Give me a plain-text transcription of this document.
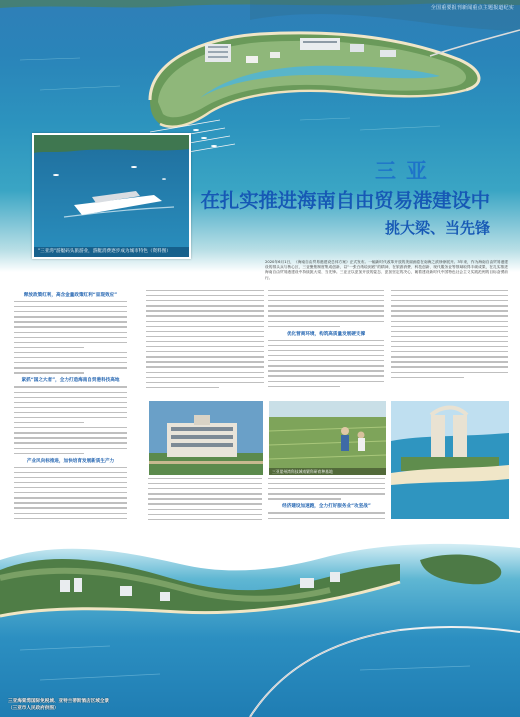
全国重要报刊新闻重点主题报道纪实
"三亚湾"游艇码头旅游业，游艇消费逐步成为城市特色（资料图）
三亚
在扎实推进海南自由贸易港建设中
挑大梁、当先锋
2020年6月1日，《海南自由贸易港建设总体方案》正式发布。一幅新时代改革开放的美丽画卷在南海之滨徐徐展开。3年来，作为海南自由贸易港建设的排头兵与核心区，三亚聚焦制度集成创新，以“一张白纸绘到底”的精神，在旅游消费、科技创新、现代服务业等领域取得丰硕成果，在扎实推进海南自由贸易港建设中持续挑大梁、当先锋。三亚正以更加开放的姿态、更加坚定的决心，朝着建设新时代中国特色社会主义实践范例的目标奋勇前行。
释放政策红利，高含金量政策红利“显现效应”
紧抓“国之大者”，全力打造海南自贸港科技高地
产业风向标推进，加快培育发展新质生产力
优化营商环境，构筑高质量发展硬支撑
三亚崖州湾科技城南繁科研育种基地
经济建设加速跑，全力打好服务业“攻坚战”
三亚海棠湾国际免税城、亚特兰蒂斯酒店区域全景
（三亚市人民政府供图）
